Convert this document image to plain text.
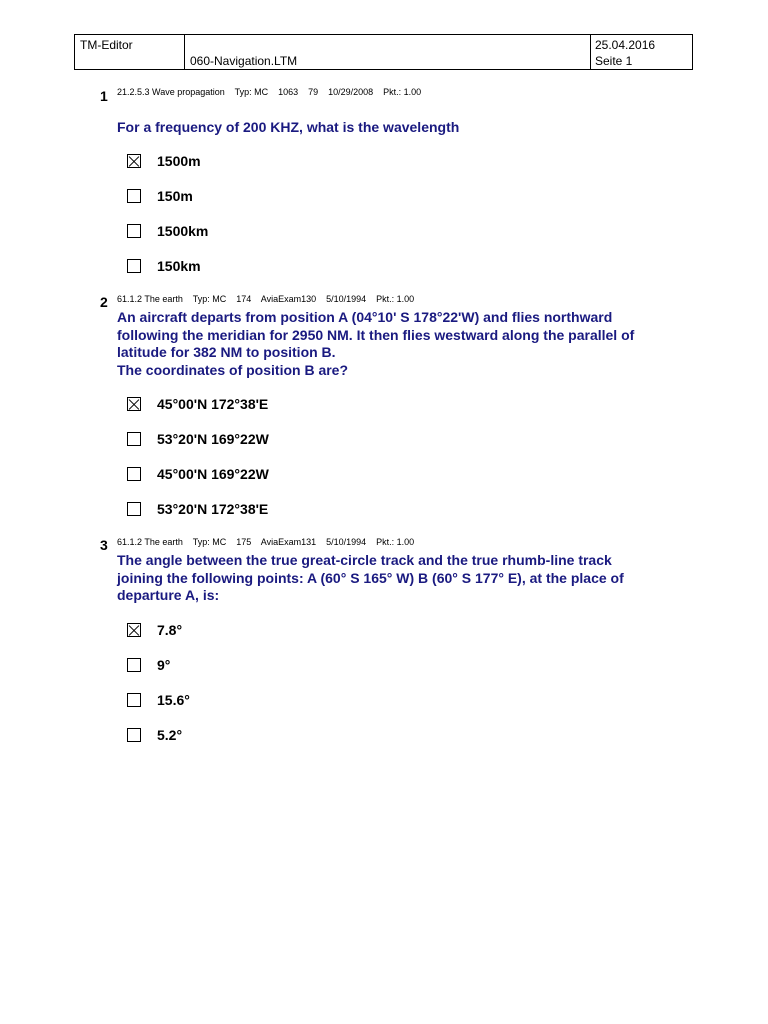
TM-Editor
060-Navigation.LTM
25.04.2016
Seite 1
1 21.2.5.3 Wave propagation    Typ: MC    1063    79    10/29/2008    Pkt.: 1.00
For a frequency of 200 KHZ, what is the wavelength
1500m
150m
1500km
150km
2 61.1.2 The earth    Typ: MC    174    AviaExam130    5/10/1994    Pkt.: 1.00
An aircraft departs from position A (04°10' S 178°22'W) and flies northward
following the meridian for 2950 NM. It then flies westward along the parallel of
latitude for 382 NM to position B.
The coordinates of position B are?
45°00'N 172°38'E
53°20'N 169°22W
45°00'N 169°22W
53°20'N 172°38'E
3 61.1.2 The earth    Typ: MC    175    AviaExam131    5/10/1994    Pkt.: 1.00
The angle between the true great-circle track and the true rhumb-line track
joining the following points: A (60° S 165° W) B (60° S 177° E), at the place of
departure A, is:
7.8°
9°
15.6°
5.2°
